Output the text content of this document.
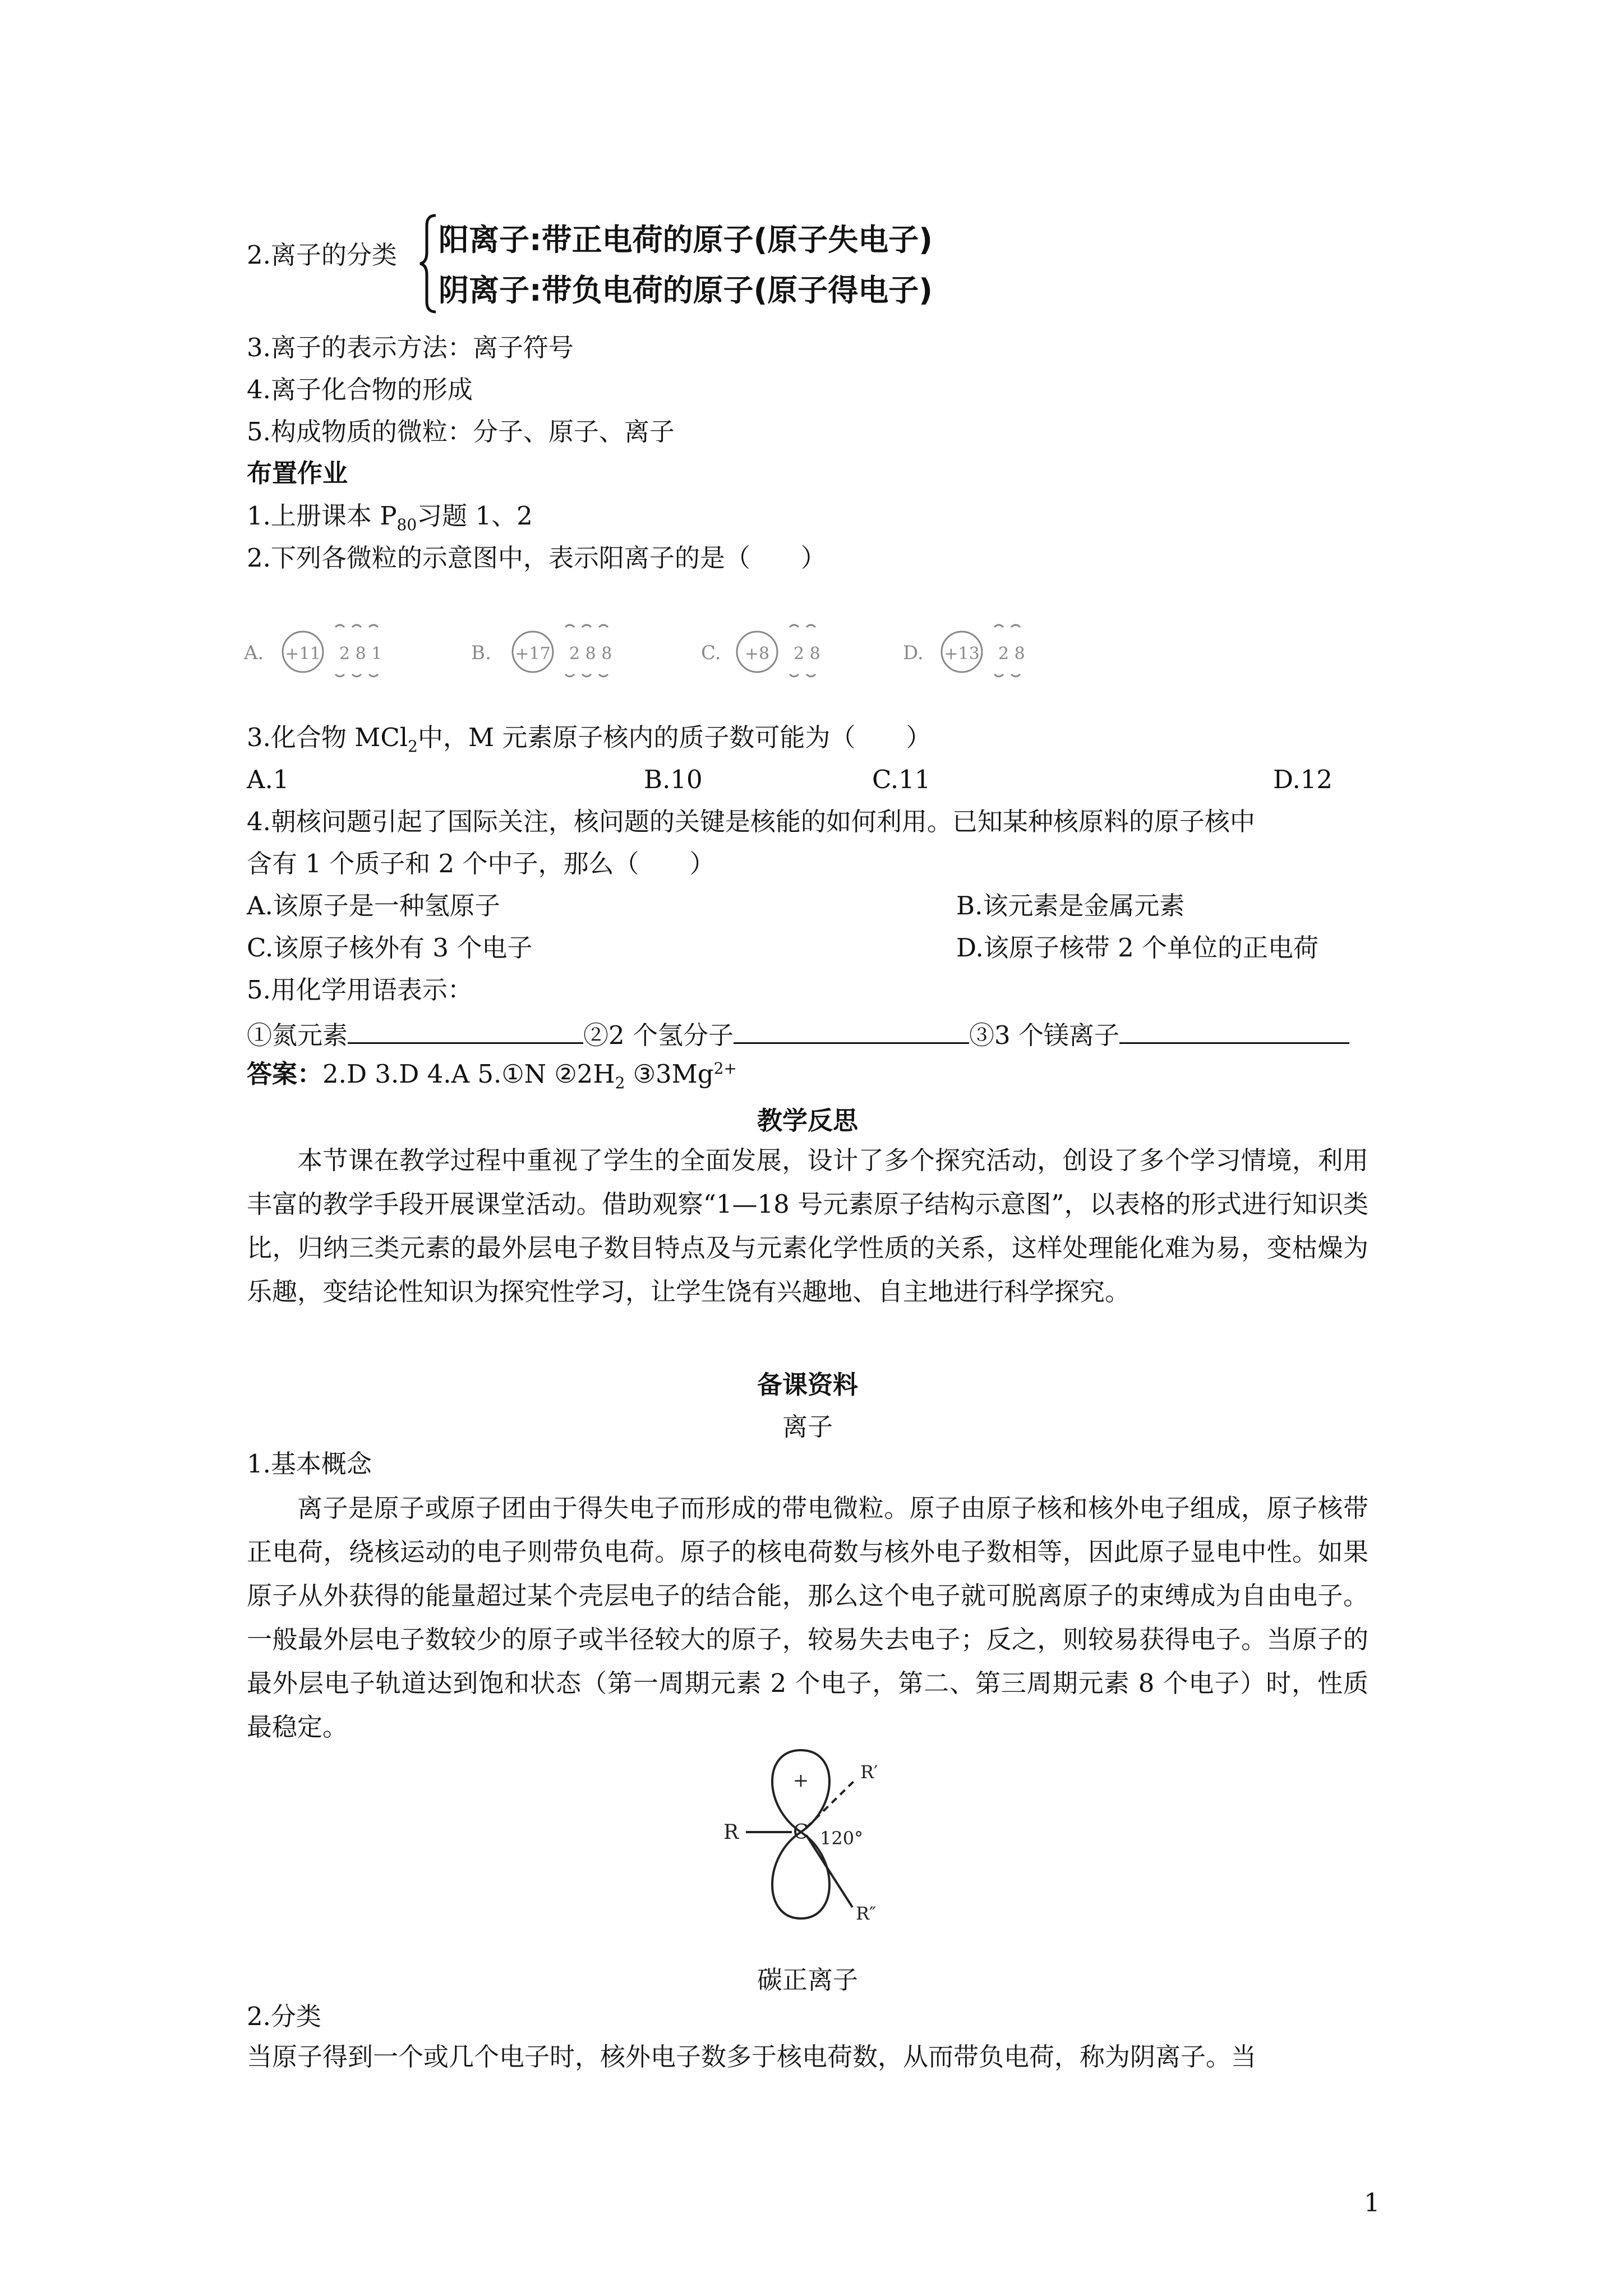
2.离子的分类 阳离子:带正电荷的原子(原子失电子)
阴离子:带负电荷的原子(原子得电子)
3.离子的表示方法：离子符号
4.离子化合物的形成
5.构成物质的微粒：分子、原子、离子
布置作业
1.上册课本 $P_{80}$习题 1、2
2.下列各微粒的示意图中，表示阳离子的是（　　）
A. +11 2 8 1	B. +17 2 8 8	C. +8 2 8	D. +13 2 8
3.化合物 MCl$_2$中，M 元素原子核内的质子数可能为（　　）
A.1	B.10	C.11	D.12
4.朝核问题引起了国际关注，核问题的关键是核能的如何利用。已知某种核原料的原子核中
含有 1 个质子和 2 个中子，那么（　　）
A.该原子是一种氢原子	B.该元素是金属元素
C.该原子核外有 3 个电子	D.该原子核带 2 个单位的正电荷
5.用化学用语表示：
①氮元素	②2 个氢分子	③3 个镁离子
答案：2.D 3.D 4.A 5.①N $②2H_2$ $③3Mg^{2+}$
教学反思
本节课在教学过程中重视了学生的全面发展，设计了多个探究活动，创设了多个学习情境，利用丰富的教学手段开展课堂活动。借助观察“1—18 号元素原子结构示意图”，以表格的形式进行知识类比，归纳三类元素的最外层电子数目特点及与元素化学性质的关系，这样处理能化难为易，变枯燥为乐趣，变结论性知识为探究性学习，让学生饶有兴趣地、自主地进行科学探究。
备课资料
离子
1.基本概念
离子是原子或原子团由于得失电子而形成的带电微粒。原子由原子核和核外电子组成，原子核带正电荷，绕核运动的电子则带负电荷。原子的核电荷数与核外电子数相等，因此原子显电中性。如果原子从外获得的能量超过某个壳层电子的结合能，那么这个电子就可脱离原子的束缚成为自由电子。一般最外层电子数较少的原子或半径较大的原子，较易失去电子；反之，则较易获得电子。当原子的最外层电子轨道达到饱和状态（第一周期元素 2 个电子，第二、第三周期元素 8 个电子）时，性质最稳定。
+
R	C
R′
R″
120°
碳正离子
2.分类
当原子得到一个或几个电子时，核外电子数多于核电荷数，从而带负电荷，称为阴离子。当
1
